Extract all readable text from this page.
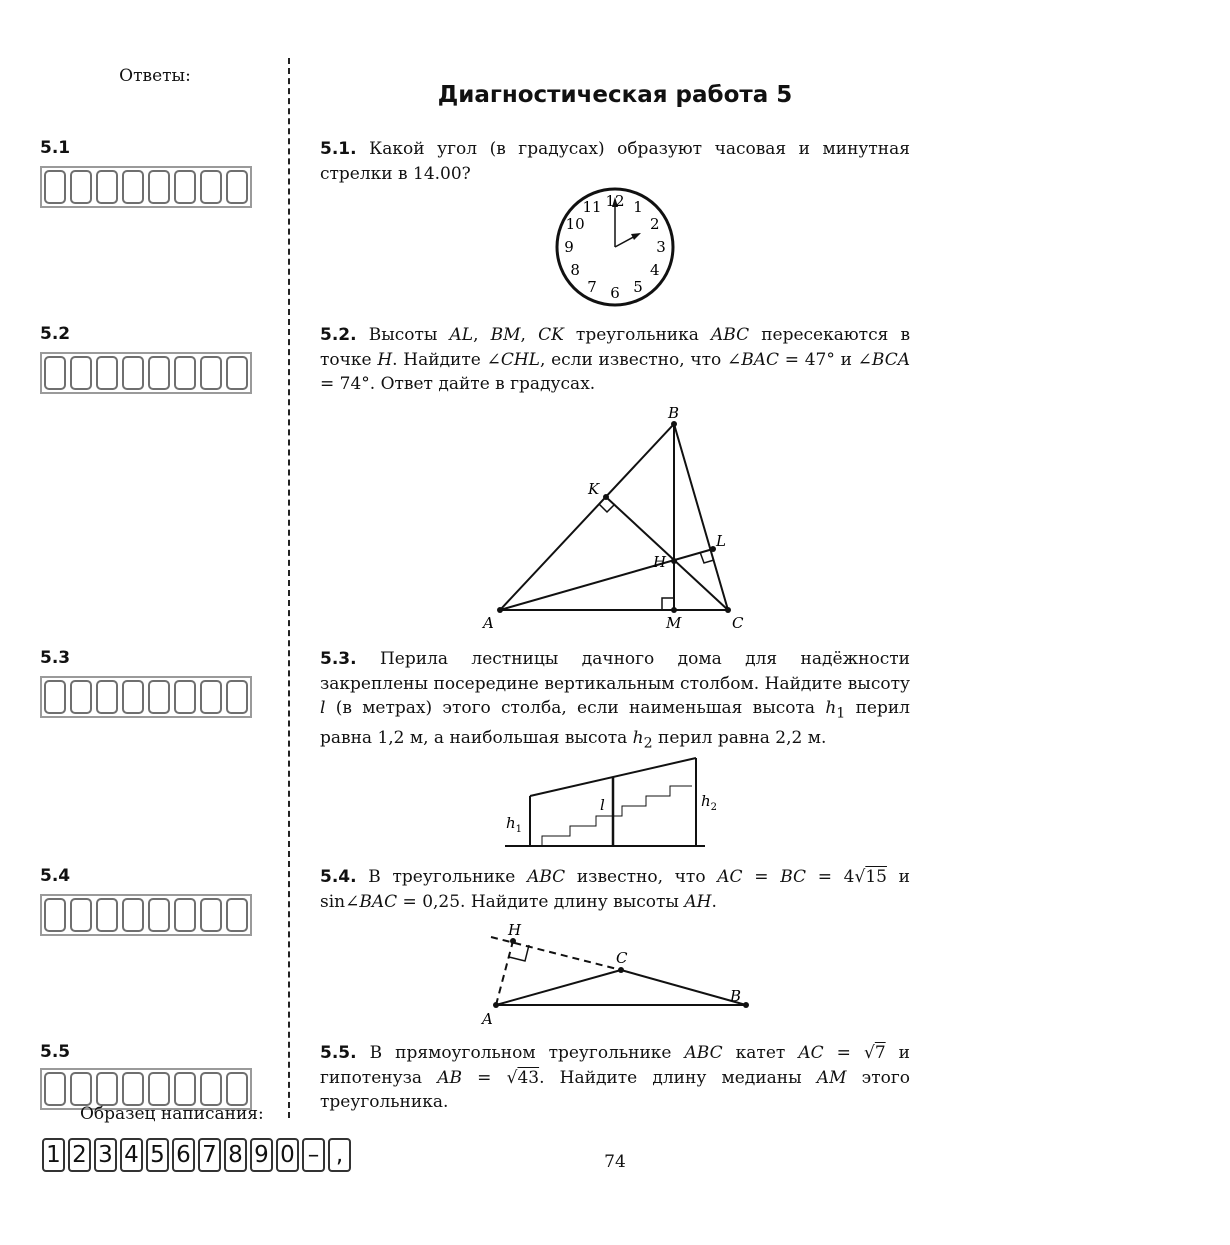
Ответы:
5.1
5.2
5.3
5.4
5.5
Образец написания:
1 2 3 4 5 6 7 8 9 0 – ,
Диагностическая работа 5
5.1. Какой угол (в градусах) образуют часовая и минутная стрелки в 14.00?
12 1
2
3
4
5
6
7
8
9
10
11
5.2. Высоты AL, BM, CK треугольника ABC пересекаются в точке H. Найдите ∠CHL, если известно, что ∠BAC = 47° и ∠BCA = 74°. Ответ дайте в градусах.
A
B
C
H
K
L
M
5.3. Перила лестницы дачного дома для надёжности закреплены посередине вертикальным столбом. Найдите высоту l (в метрах) этого столба, если наименьшая высота $h_1$ перил равна 1,2 м, а наибольшая высота $h_2$ перил равна 2,2 м.
$h_1$
$h_2$
l
5.4. В треугольнике ABC известно, что AC = BC = 4√15 и sin∠BAC = 0,25. Найдите длину высоты AH.
A
B
C
H
5.5. В прямоугольном треугольнике ABC катет AC = √7 и гипотенуза AB = √43. Найдите длину медианы AM этого треугольника.
74
